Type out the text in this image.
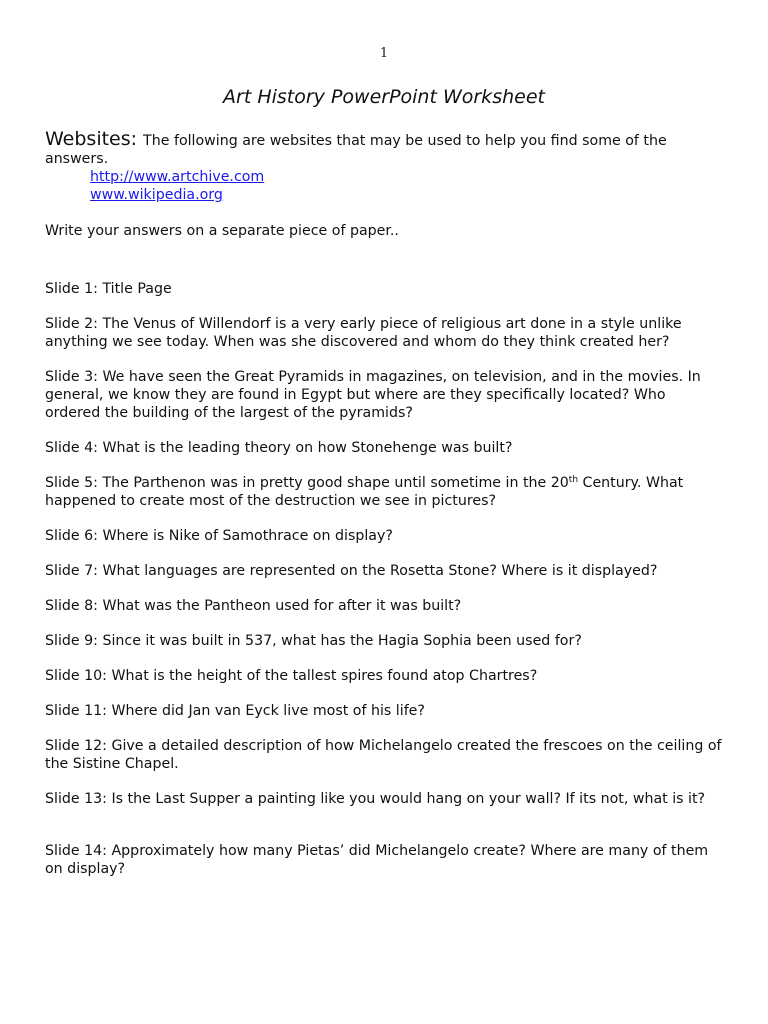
1
Art History PowerPoint Worksheet

Websites: The following are websites that may be used to help you find some of the answers.

http://www.artchive.com
www.wikipedia.org

Write your answers on a separate piece of paper..

Slide 1: Title Page

Slide 2: The Venus of Willendorf is a very early piece of religious art done in a style unlike anything we see today. When was she discovered and whom do they think created her?

Slide 3: We have seen the Great Pyramids in magazines, on television, and in the movies. In general, we know they are found in Egypt but where are they specifically located? Who ordered the building of the largest of the pyramids?

Slide 4: What is the leading theory on how Stonehenge was built?

Slide 5: The Parthenon was in pretty good shape until sometime in the 20th Century. What happened to create most of the destruction we see in pictures?

Slide 6: Where is Nike of Samothrace on display?

Slide 7: What languages are represented on the Rosetta Stone? Where is it displayed?

Slide 8: What was the Pantheon used for after it was built?

Slide 9: Since it was built in 537, what has the Hagia Sophia been used for?

Slide 10: What is the height of the tallest spires found atop Chartres?

Slide 11: Where did Jan van Eyck live most of his life?

Slide 12: Give a detailed description of how Michelangelo created the frescoes on the ceiling of the Sistine Chapel.

Slide 13: Is the Last Supper a painting like you would hang on your wall? If its not, what is it?

Slide 14: Approximately how many Pietas’ did Michelangelo create? Where are many of them on display?
